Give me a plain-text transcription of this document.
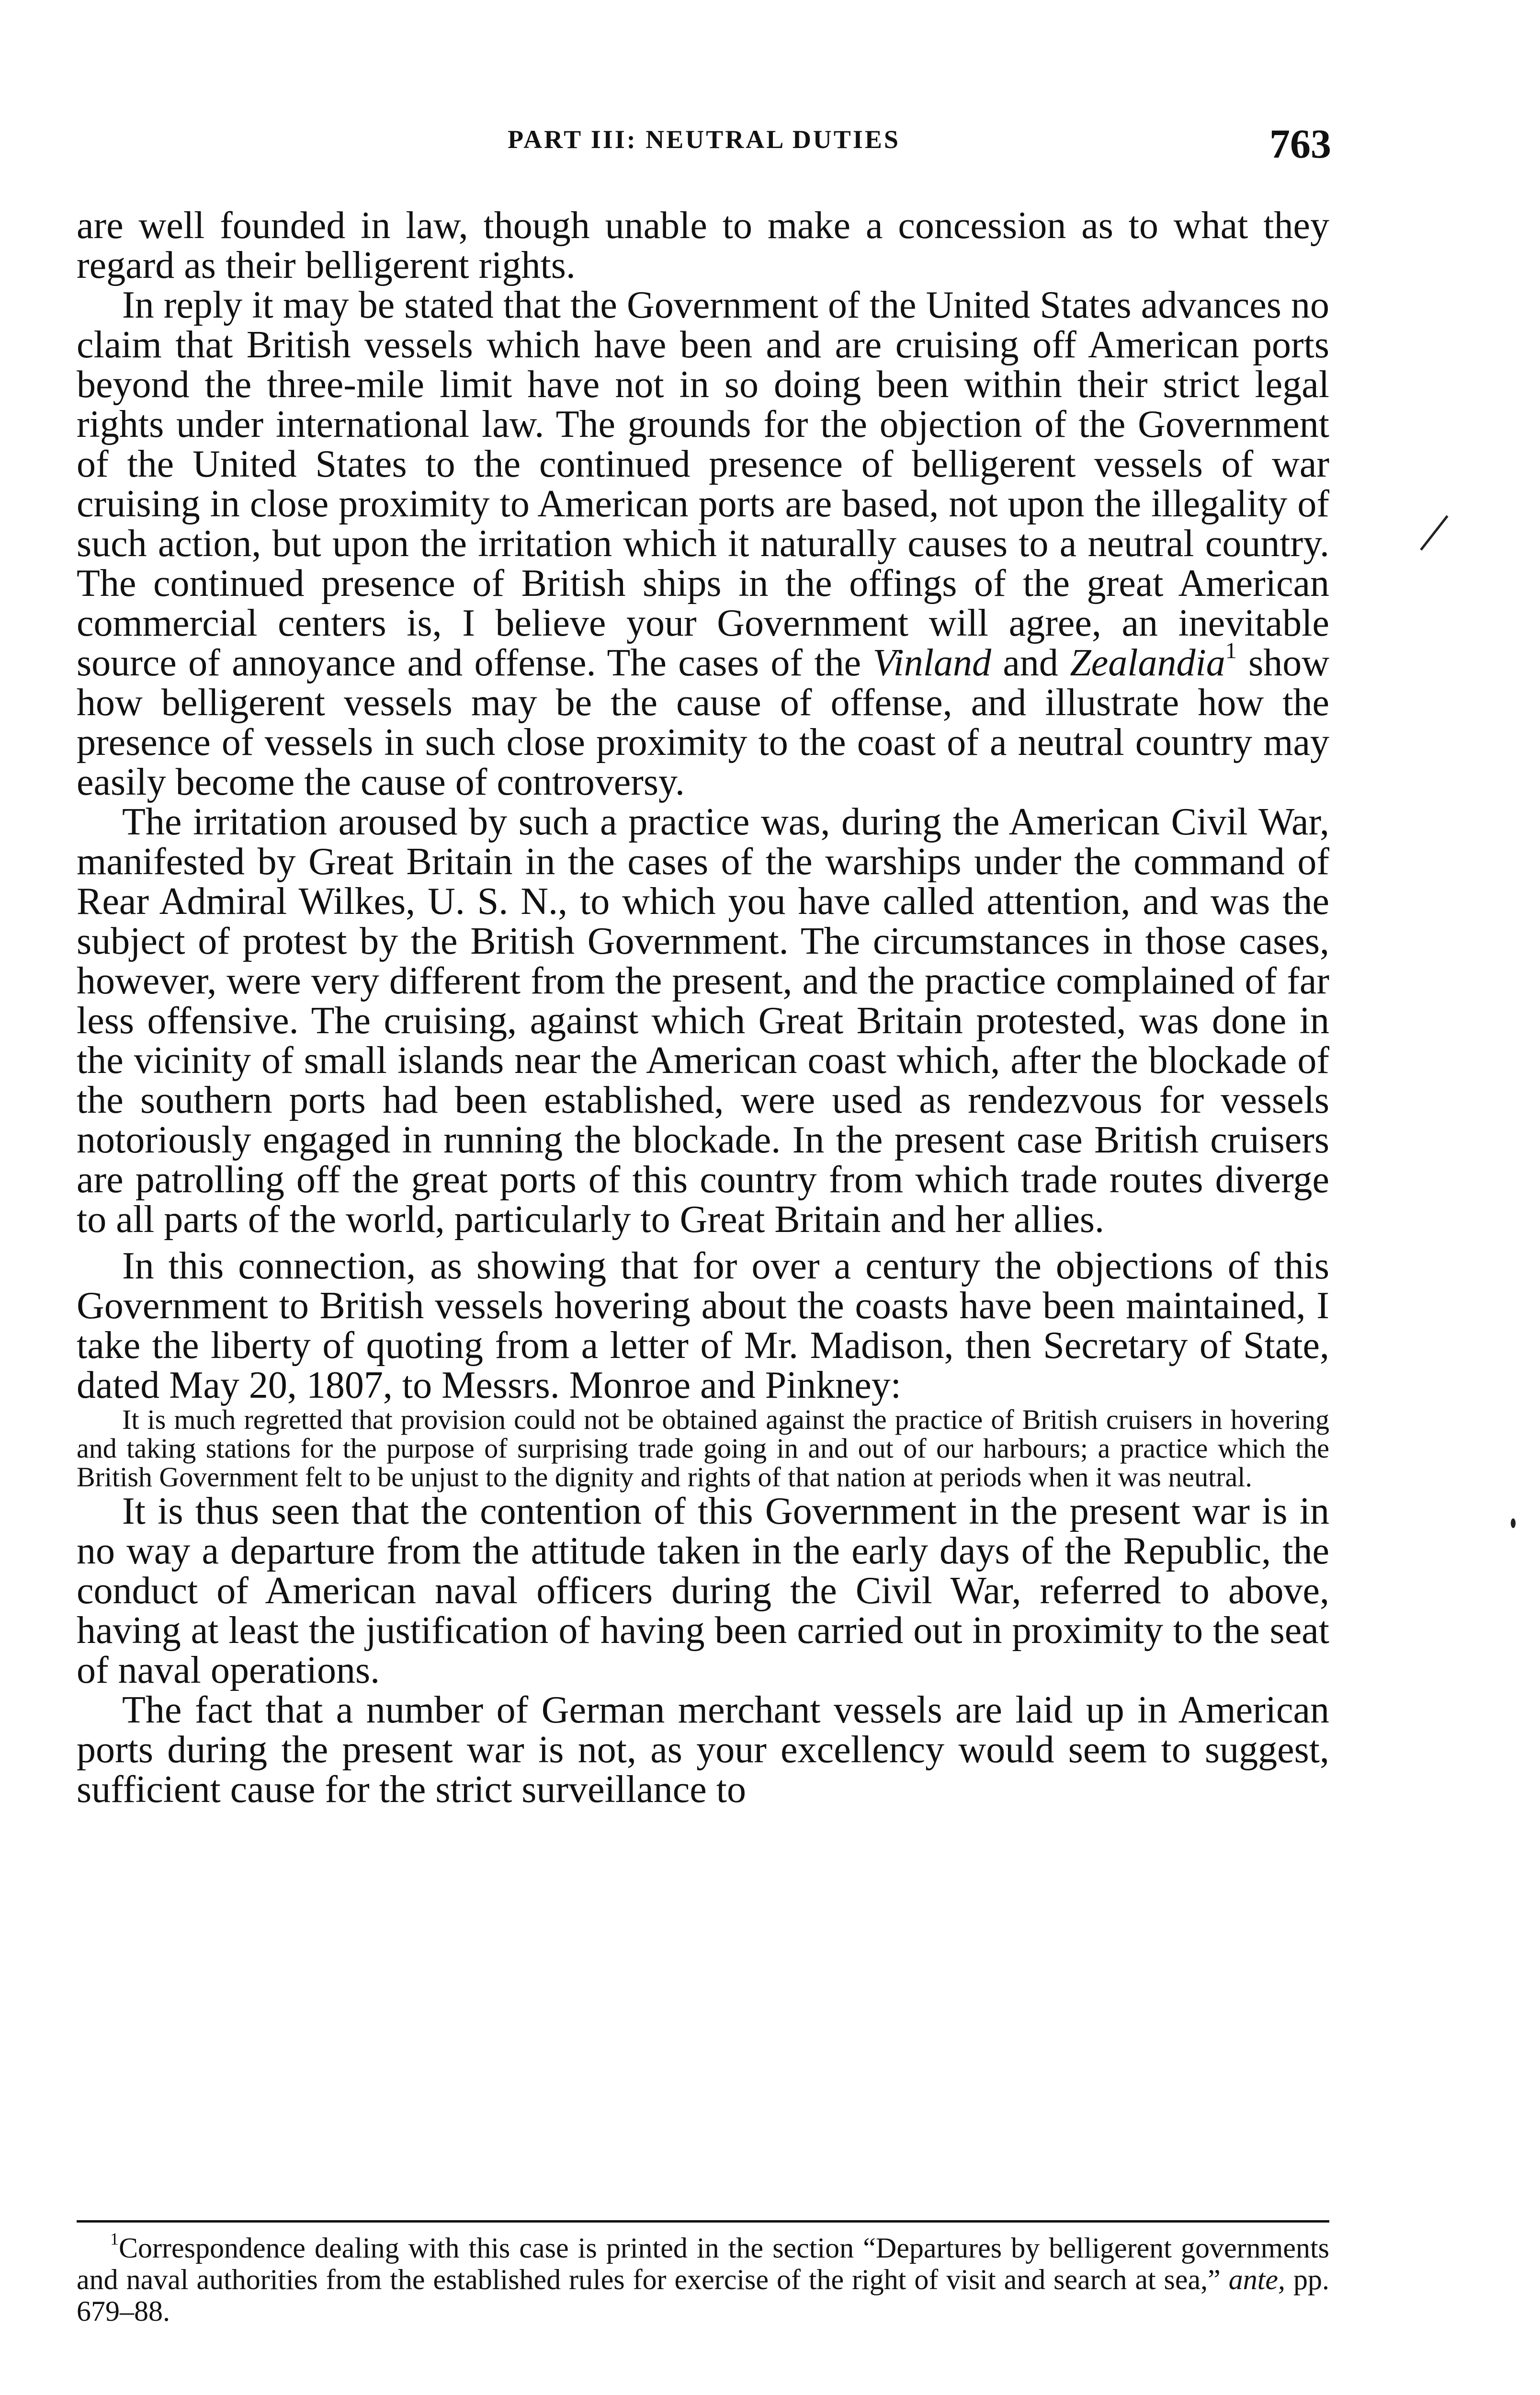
PART III: NEUTRAL DUTIES	763

are well founded in law, though unable to make a concession as to what they regard as their belligerent rights.

In reply it may be stated that the Government of the United States advances no claim that British vessels which have been and are cruising off American ports beyond the three-mile limit have not in so doing been within their strict legal rights under international law. The grounds for the objection of the Government of the United States to the continued presence of belligerent vessels of war cruising in close proximity to American ports are based, not upon the illegality of such action, but upon the irritation which it naturally causes to a neutral country. The continued presence of British ships in the offings of the great American commercial centers is, I believe your Government will agree, an inevitable source of annoyance and offense. The cases of the Vinland and Zealandia$^1$ show how belligerent vessels may be the cause of offense, and illustrate how the presence of vessels in such close proximity to the coast of a neutral country may easily become the cause of controversy.

The irritation aroused by such a practice was, during the American Civil War, manifested by Great Britain in the cases of the warships under the command of Rear Admiral Wilkes, U. S. N., to which you have called attention, and was the subject of protest by the British Government. The circumstances in those cases, however, were very different from the present, and the practice complained of far less offensive. The cruising, against which Great Britain protested, was done in the vicinity of small islands near the American coast which, after the blockade of the southern ports had been established, were used as rendezvous for vessels notoriously engaged in running the blockade. In the present case British cruisers are patrolling off the great ports of this country from which trade routes diverge to all parts of the world, particularly to Great Britain and her allies.

In this connection, as showing that for over a century the objections of this Government to British vessels hovering about the coasts have been maintained, I take the liberty of quoting from a letter of Mr. Madison, then Secretary of State, dated May 20, 1807, to Messrs. Monroe and Pinkney:

It is much regretted that provision could not be obtained against the practice of British cruisers in hovering and taking stations for the purpose of surprising trade going in and out of our harbours; a practice which the British Government felt to be unjust to the dignity and rights of that nation at periods when it was neutral.

It is thus seen that the contention of this Government in the present war is in no way a departure from the attitude taken in the early days of the Republic, the conduct of American naval officers during the Civil War, referred to above, having at least the justification of having been carried out in proximity to the seat of naval operations.

The fact that a number of German merchant vessels are laid up in American ports during the present war is not, as your excellency would seem to suggest, sufficient cause for the strict surveillance to

$^1$Correspondence dealing with this case is printed in the section “Departures by belligerent governments and naval authorities from the established rules for exercise of the right of visit and search at sea,” ante, pp. 679–88.
